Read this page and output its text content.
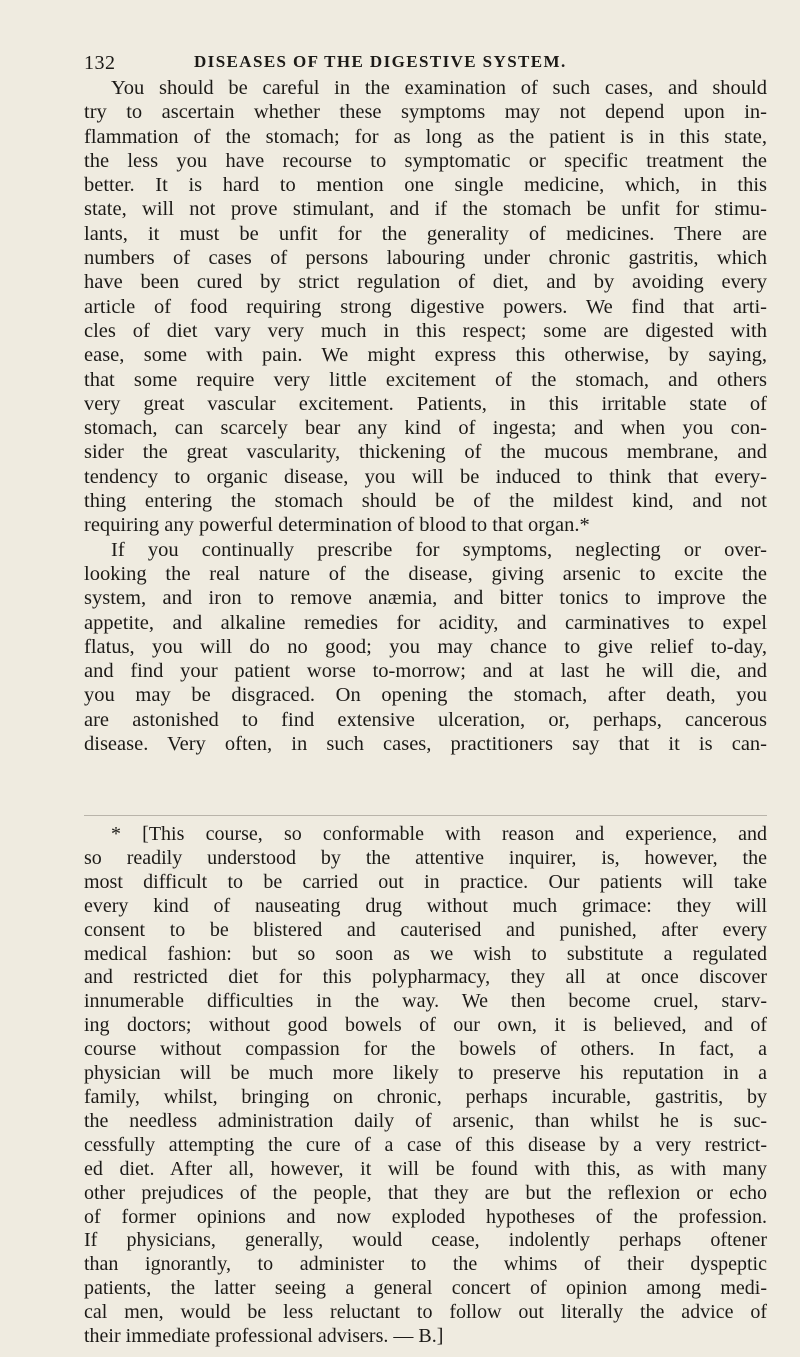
132	DISEASES OF THE DIGESTIVE SYSTEM.
You should be careful in the examination of such cases, and should
try to ascertain whether these symptoms may not depend upon in-
flammation of the stomach; for as long as the patient is in this state,
the less you have recourse to symptomatic or specific treatment the
better. It is hard to mention one single medicine, which, in this
state, will not prove stimulant, and if the stomach be unfit for stimu-
lants, it must be unfit for the generality of medicines. There are
numbers of cases of persons labouring under chronic gastritis, which
have been cured by strict regulation of diet, and by avoiding every
article of food requiring strong digestive powers. We find that arti-
cles of diet vary very much in this respect; some are digested with
ease, some with pain. We might express this otherwise, by saying,
that some require very little excitement of the stomach, and others
very great vascular excitement. Patients, in this irritable state of
stomach, can scarcely bear any kind of ingesta; and when you con-
sider the great vascularity, thickening of the mucous membrane, and
tendency to organic disease, you will be induced to think that every-
thing entering the stomach should be of the mildest kind, and not
requiring any powerful determination of blood to that organ.*
If you continually prescribe for symptoms, neglecting or over-
looking the real nature of the disease, giving arsenic to excite the
system, and iron to remove anæmia, and bitter tonics to improve the
appetite, and alkaline remedies for acidity, and carminatives to expel
flatus, you will do no good; you may chance to give relief to-day,
and find your patient worse to-morrow; and at last he will die, and
you may be disgraced. On opening the stomach, after death, you
are astonished to find extensive ulceration, or, perhaps, cancerous
disease. Very often, in such cases, practitioners say that it is can-
* [This course, so conformable with reason and experience, and
so readily understood by the attentive inquirer, is, however, the
most difficult to be carried out in practice. Our patients will take
every kind of nauseating drug without much grimace: they will
consent to be blistered and cauterised and punished, after every
medical fashion: but so soon as we wish to substitute a regulated
and restricted diet for this polypharmacy, they all at once discover
innumerable difficulties in the way. We then become cruel, starv-
ing doctors; without good bowels of our own, it is believed, and of
course without compassion for the bowels of others. In fact, a
physician will be much more likely to preserve his reputation in a
family, whilst, bringing on chronic, perhaps incurable, gastritis, by
the needless administration daily of arsenic, than whilst he is suc-
cessfully attempting the cure of a case of this disease by a very restrict-
ed diet. After all, however, it will be found with this, as with many
other prejudices of the people, that they are but the reflexion or echo
of former opinions and now exploded hypotheses of the profession.
If physicians, generally, would cease, indolently perhaps oftener
than ignorantly, to administer to the whims of their dyspeptic
patients, the latter seeing a general concert of opinion among medi-
cal men, would be less reluctant to follow out literally the advice of
their immediate professional advisers. — B.]
